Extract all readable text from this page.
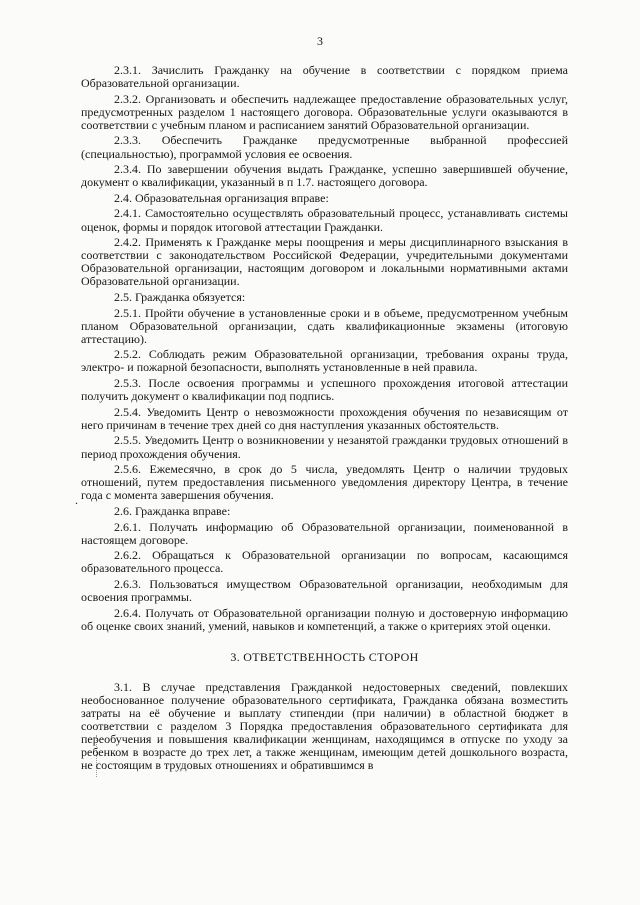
3
.

2.3.1. Зачислить Гражданку на обучение в соответствии с порядком приема Образовательной организации.

2.3.2. Организовать и обеспечить надлежащее предоставление образовательных услуг, предусмотренных разделом 1 настоящего договора. Образовательные услуги оказываются в соответствии с учебным планом и расписанием занятий Образовательной организации.

2.3.3. Обеспечить Гражданке предусмотренные выбранной профессией (специальностью), программой условия ее освоения.

2.3.4. По завершении обучения выдать Гражданке, успешно завершившей обучение, документ о квалификации, указанный в п 1.7. настоящего договора.

2.4. Образовательная организация вправе:

2.4.1. Самостоятельно осуществлять образовательный процесс, устанавливать системы оценок, формы и порядок итоговой аттестации Гражданки.

2.4.2. Применять к Гражданке меры поощрения и меры дисциплинарного взыскания в соответствии с законодательством Российской Федерации, учредительными документами Образовательной организации, настоящим договором и локальными нормативными актами Образовательной организации.

2.5. Гражданка обязуется:

2.5.1. Пройти обучение в установленные сроки и в объеме, предусмотренном учебным планом Образовательной организации, сдать квалификационные экзамены (итоговую аттестацию).

2.5.2. Соблюдать режим Образовательной организации, требования охраны труда, электро- и пожарной безопасности, выполнять установленные в ней правила.

2.5.3. После освоения программы и успешного прохождения итоговой аттестации получить документ о квалификации под подпись.

2.5.4. Уведомить Центр о невозможности прохождения обучения по независящим от него причинам в течение трех дней со дня наступления указанных обстоятельств.

2.5.5. Уведомить Центр о возникновении у незанятой гражданки трудовых отношений в период прохождения обучения.

2.5.6. Ежемесячно, в срок до 5 числа, уведомлять Центр о наличии трудовых отношений, путем предоставления письменного уведомления директору Центра, в течение года с момента завершения обучения.

2.6. Гражданка вправе:

2.6.1. Получать информацию об Образовательной организации, поименованной в настоящем договоре.

2.6.2. Обращаться к Образовательной организации по вопросам, касающимся образовательного процесса.

2.6.3. Пользоваться имуществом Образовательной организации, необходимым для освоения программы.

2.6.4. Получать от Образовательной организации полную и достоверную информацию об оценке своих знаний, умений, навыков и компетенций, а также о критериях этой оценки.

3. ОТВЕТСТВЕННОСТЬ СТОРОН

3.1. В случае представления Гражданкой недостоверных сведений, повлекших необоснованное получение образовательного сертификата, Гражданка обязана возместить затраты на её обучение и выплату стипендии (при наличии) в областной бюджет в соответствии с разделом 3 Порядка предоставления образовательного сертификата для переобучения и повышения квалификации женщинам, находящимся в отпуске по уходу за ребенком в возрасте до трех лет, а также женщинам, имеющим детей дошкольного возраста, не состоящим в трудовых отношениях и обратившимся в
